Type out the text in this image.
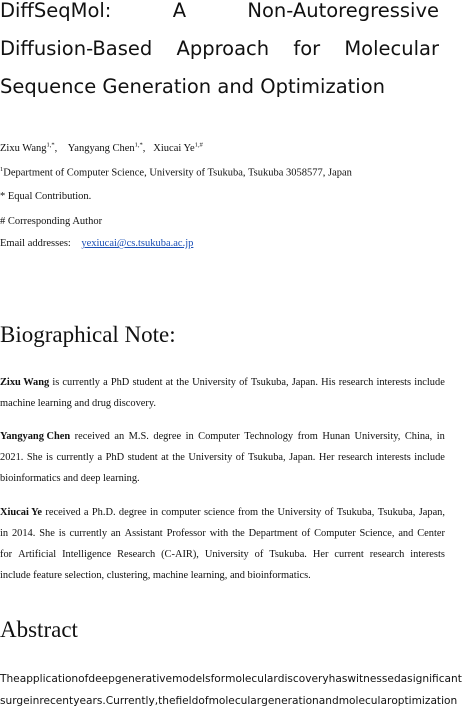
DiffSeqMol:	A	Non-Autoregressive
Diffusion-Based Approach for Molecular
Sequence Generation and Optimization
Zixu Wang$^{1,*}$,    Yangyang Chen$^{1,*}$,   Xiucai $Ye^{1,\#}$
$^1$Department of Computer Science, University of Tsukuba, Tsukuba 3058577, Japan
* Equal Contribution.
# Corresponding Author
Email addresses: yexiucai@cs.tsukuba.ac.jp
Biographical Note:
Zixu Wang is currently a PhD student at the University of Tsukuba, Japan. His research interests include
machine learning and drug discovery.
Yangyang Chen received an M.S. degree in Computer Technology from Hunan University, China, in
2021. She is currently a PhD student at the University of Tsukuba, Japan. Her research interests include
bioinformatics and deep learning.
Xiucai Ye received a Ph.D. degree in computer science from the University of Tsukuba, Tsukuba, Japan,
in 2014. She is currently an Assistant Professor with the Department of Computer Science, and Center
for Artificial Intelligence Research (C-AIR), University of Tsukuba. Her current research interests
include feature selection, clustering, machine learning, and bioinformatics.
Abstract
The application of deep generative models for molecular discovery has witnessed a significant
surge in recent years. Currently, the field of molecular generation and molecular optimization
